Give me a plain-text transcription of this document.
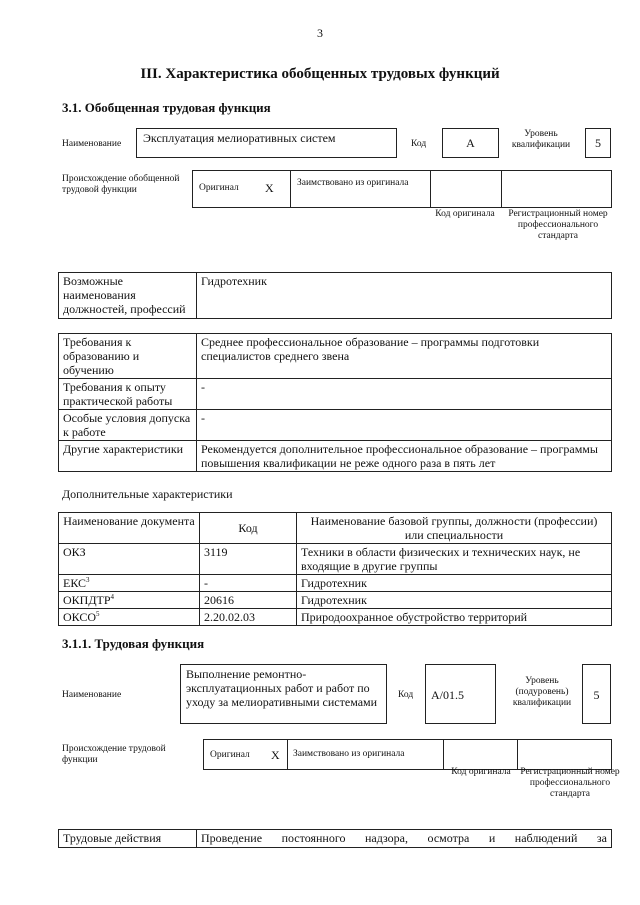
3
III. Характеристика обобщенных трудовых функций
3.1. Обобщенная трудовая функция
Наименование	Эксплуатация мелиоративных систем	Код	А
Уровень квалификации	5
Происхождение обобщенной трудовой функции	Оригинал X Заимствовано из оригинала
Код оригинала Регистрационный номер профессионального стандарта
Возможные наименования должностей, профессий	Гидротехник
Требования к образованию и обучению	Среднее профессиональное образование – программы подготовки специалистов среднего звена
Требования к опыту практической работы	-
Особые условия допуска к работе	-
Другие характеристики	Рекомендуется дополнительное профессиональное образование – программы повышения квалификации не реже одного раза в пять лет
Дополнительные характеристики
Наименование документа	Код	Наименование базовой группы, должности (профессии) или специальности
ОКЗ	3119	Техники в области физических и технических наук, не входящие в другие группы
ЕКС$^3$	-	Гидротехник
ОКПДТР$^4$	20616	Гидротехник
ОКСО$^5$	2.20.02.03	Природоохранное обустройство территорий
3.1.1. Трудовая функция
Наименование
Выполнение ремонтно-эксплуатационных работ и работ по уходу за мелиоративными системами	Код	А/01.5
Уровень (подуровень) квалификации
5
Происхождение трудовой функции	Оригинал X Заимствовано из оригинала
Код оригинала Регистрационный номер профессионального стандарта
Трудовые действия	Проведение постоянного надзора, осмотра и наблюдений за
